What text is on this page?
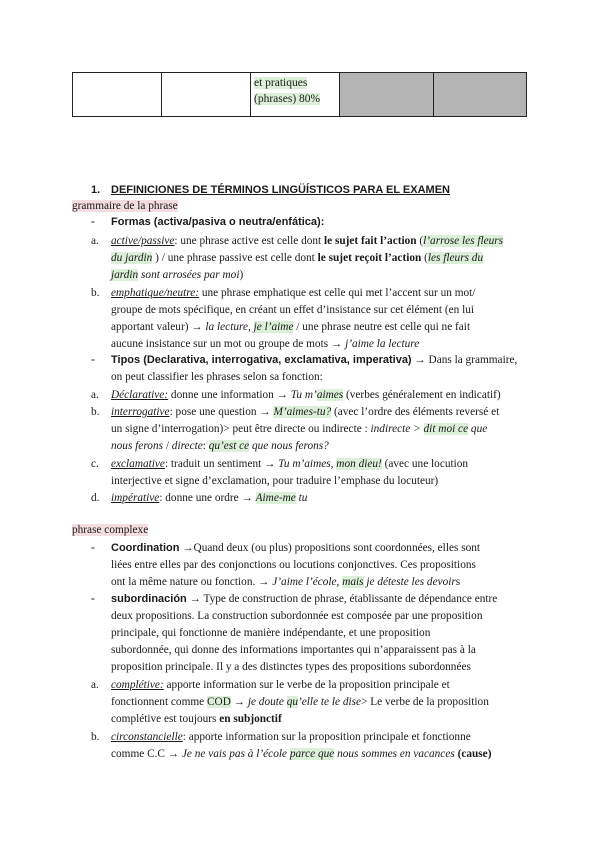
		et pratiques (phrases) 80%		
1. DEFINICIONES DE TÉRMINOS LINGÜÍSTICOS PARA EL EXAMEN
grammaire de la phrase
- Formas (activa/pasiva o neutra/enfática):
a. active/passive: une phrase active est celle dont le sujet fait l’action (l’arrose les fleurs
du jardin ) / une phrase passive est celle dont le sujet reçoit l’action (les fleurs du
jardin sont arrosées par moi)
b. emphatique/neutre: une phrase emphatique est celle qui met l’accent sur un mot/
groupe de mots spécifique, en créant un effet d’insistance sur cet élément (en lui
apportant valeur) → la lecture, je l’aime / une phrase neutre est celle qui ne fait
aucune insistance sur un mot ou groupe de mots → j’aime la lecture
- Tipos (Declarativa, interrogativa, exclamativa, imperativa) → Dans la grammaire,
on peut classifier les phrases selon sa fonction:
a. Déclarative: donne une information → Tu m’aimes (verbes généralement en indicatif)
b. interrogative: pose une question → M’aimes-tu? (avec l’ordre des éléments reversé et
un signe d’interrogation)> peut être directe ou indirecte : indirecte > dit moi ce que
nous ferons / directe: qu’est ce que nous ferons?
c. exclamative: traduit un sentiment → Tu m’aimes, mon dieu! (avec une locution
interjective et signe d’exclamation, pour traduire l’emphase du locuteur)
d. impérative: donne une ordre → Aime-me tu
phrase complexe
- Coordination →Quand deux (ou plus) propositions sont coordonnées, elles sont
liées entre elles par des conjonctions ou locutions conjonctives. Ces propositions
ont la même nature ou fonction. → J’aime l’école, mais je déteste les devoirs
- subordinación → Type de construction de phrase, établissante de dépendance entre
deux propositions. La construction subordonnée est composée par une proposition
principale, qui fonctionne de manière indépendante, et une proposition
subordonnée, qui donne des informations importantes qui n’apparaissent pas à la
proposition principale. Il y a des distinctes types des propositions subordonnées
a. complétive: apporte information sur le verbe de la proposition principale et
fonctionnent comme COD → je doute qu’elle te le dise> Le verbe de la proposition
complétive est toujours en subjonctif
b. circonstancielle: apporte information sur la proposition principale et fonctionne
comme C.C → Je ne vais pas à l’école parce que nous sommes en vacances (cause)
